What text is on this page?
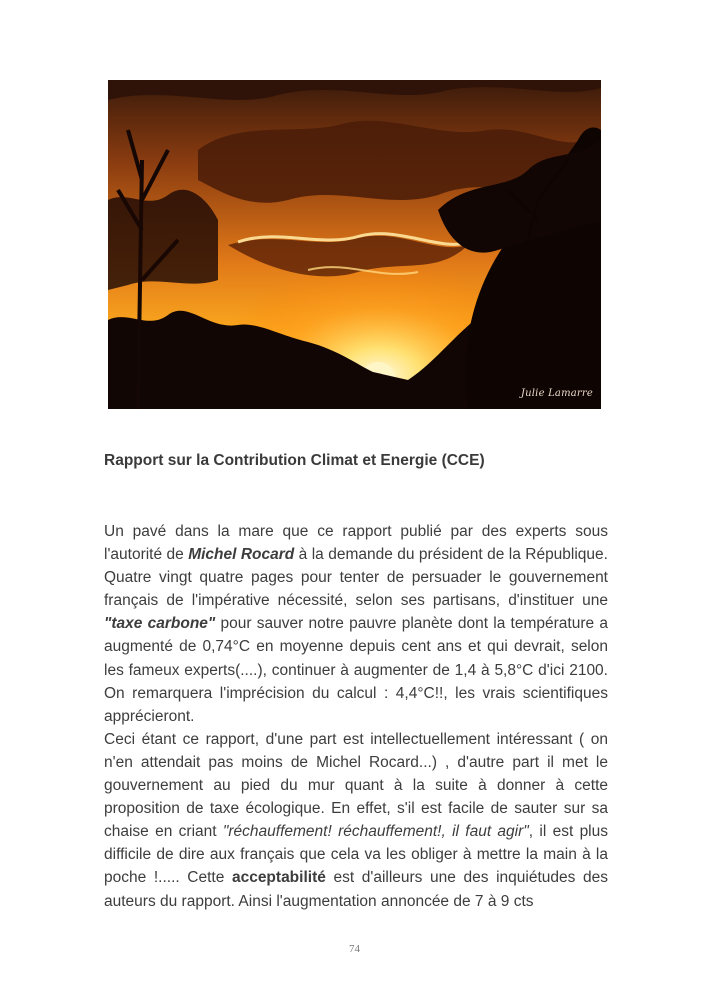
Julie Lamarre
Rapport sur la Contribution Climat et Energie (CCE)

Un pavé dans la mare que ce rapport publié par des experts sous l'autorité de Michel Rocard à la demande du président de la République. Quatre vingt quatre pages pour tenter de persuader le gouvernement français de l'impérative nécessité, selon ses partisans, d'instituer une "taxe carbone" pour sauver notre pauvre planète dont la température a augmenté de 0,74°C en moyenne depuis cent ans et qui devrait, selon les fameux experts(....), continuer à augmenter de 1,4 à 5,8°C d'ici 2100. On remarquera l'imprécision du calcul : 4,4°C!!, les vrais scientifiques apprécieront.

Ceci étant ce rapport, d'une part est intellectuellement intéressant ( on n'en attendait pas moins de Michel Rocard...) , d'autre part il met le gouvernement au pied du mur quant à la suite à donner à cette proposition de taxe écologique. En effet, s'il est facile de sauter sur sa chaise en criant "réchauffement! réchauffement!, il faut agir", il est plus difficile de dire aux français que cela va les obliger à mettre la main à la poche !..... Cette acceptabilité est d'ailleurs une des inquiétudes des auteurs du rapport. Ainsi l'augmentation annoncée de 7 à 9 cts

74
